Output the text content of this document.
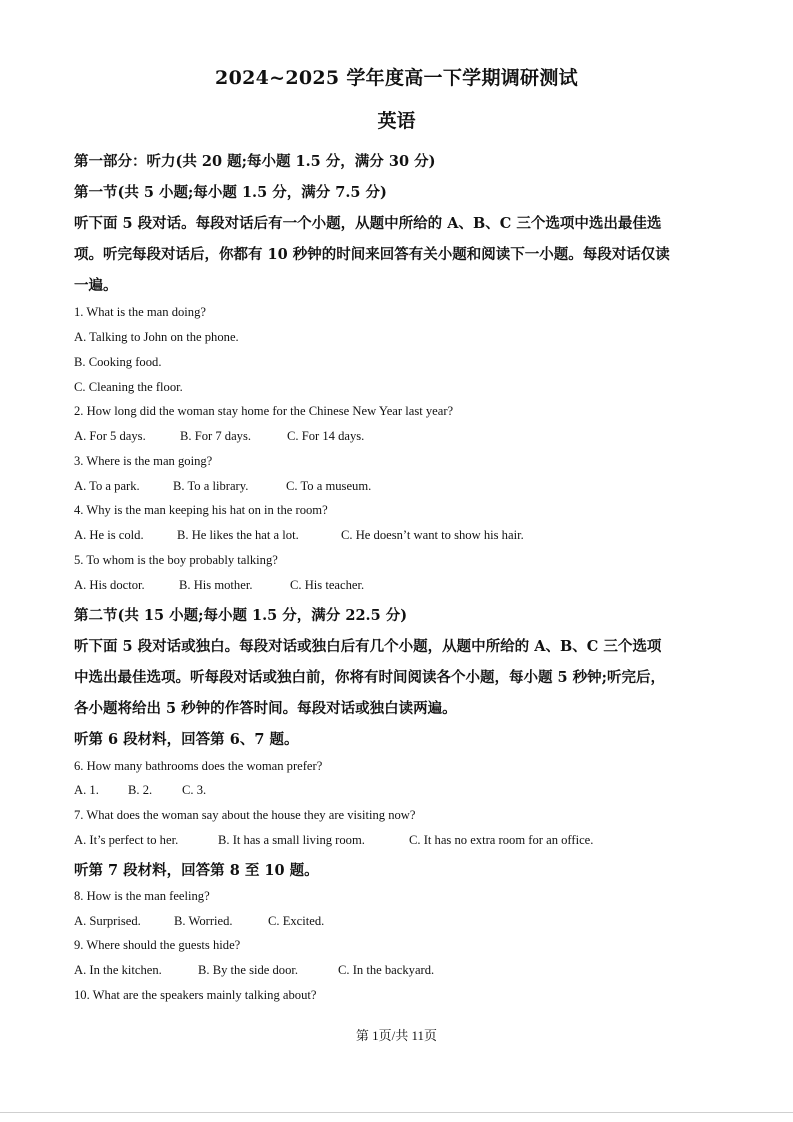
2024~2025 学年度高一下学期调研测试
英语
第一部分：听力(共 20 题;每小题 1.5 分，满分 30 分)
第一节(共 5 小题;每小题 1.5 分，满分 7.5 分)
听下面 5 段对话。每段对话后有一个小题，从题中所给的 A、B、C 三个选项中选出最佳选
项。听完每段对话后，你都有 10 秒钟的时间来回答有关小题和阅读下一小题。每段对话仅读
一遍。
1. What is the man doing?
A. Talking to John on the phone.
B. Cooking food.
C. Cleaning the floor.
2. How long did the woman stay home for the Chinese New Year last year?
A. For 5 days.	B. For 7 days.	C. For 14 days.
3. Where is the man going?
A. To a park.	B. To a library.	C. To a museum.
4. Why is the man keeping his hat on in the room?
A. He is cold.	B. He likes the hat a lot.	C. He doesn’t want to show his hair.
5. To whom is the boy probably talking?
A. His doctor.	B. His mother.	C. His teacher.
第二节(共 15 小题;每小题 1.5 分，满分 22.5 分)
听下面 5 段对话或独白。每段对话或独白后有几个小题，从题中所给的 A、B、C 三个选项
中选出最佳选项。听每段对话或独白前，你将有时间阅读各个小题，每小题 5 秒钟;听完后，
各小题将给出 5 秒钟的作答时间。每段对话或独白读两遍。
听第 6 段材料，回答第 6、7 题。
6. How many bathrooms does the woman prefer?
A. 1. B. 2. C. 3.
7. What does the woman say about the house they are visiting now?
A. It’s perfect to her.	B. It has a small living room.	C. It has no extra room for an office.
听第 7 段材料，回答第 8 至 10 题。
8. How is the man feeling?
A. Surprised.	B. Worried.	C. Excited.
9. Where should the guests hide?
A. In the kitchen.	B. By the side door.	C. In the backyard.
10. What are the speakers mainly talking about?
第 1页/共 11页
